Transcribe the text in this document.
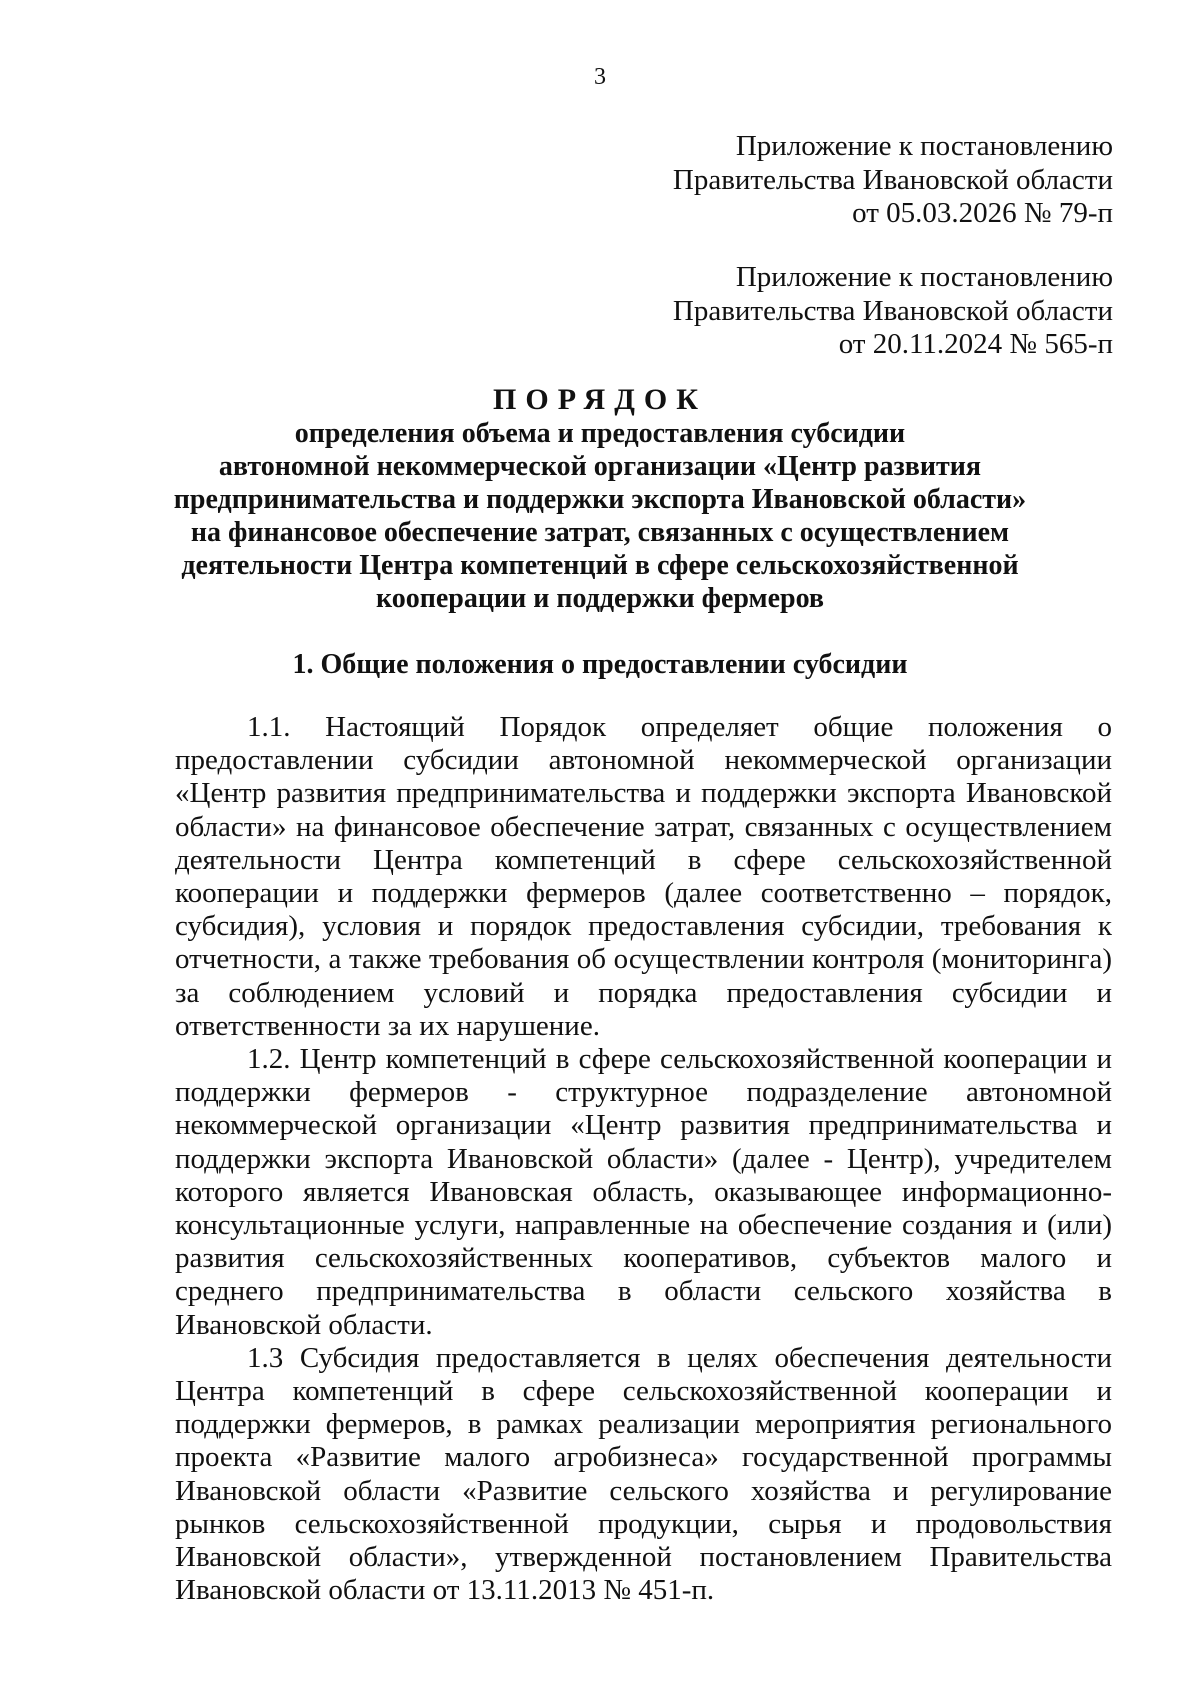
3
Приложение к постановлению
Правительства Ивановской области
от 05.03.2026 № 79-п
Приложение к постановлению
Правительства Ивановской области
от 20.11.2024 № 565-п
ПОРЯДОК
определения объема и предоставления субсидии
автономной некоммерческой организации «Центр развития
предпринимательства и поддержки экспорта Ивановской области»
на финансовое обеспечение затрат, связанных с осуществлением
деятельности Центра компетенций в сфере сельскохозяйственной
кооперации и поддержки фермеров
1. Общие положения о предоставлении субсидии

1.1. Настоящий Порядок определяет общие положения о предоставлении субсидии автономной некоммерческой организации «Центр развития предпринимательства и поддержки экспорта Ивановской области» на финансовое обеспечение затрат, связанных с осуществлением деятельности Центра компетенций в сфере сельскохозяйственной кооперации и поддержки фермеров (далее соответственно – порядок, субсидия), условия и порядок предоставления субсидии, требования к отчетности, а также требования об осуществлении контроля (мониторинга) за соблюдением условий и порядка предоставления субсидии и ответственности за их нарушение.

1.2. Центр компетенций в сфере сельскохозяйственной кооперации и поддержки фермеров - структурное подразделение автономной некоммерческой организации «Центр развития предпринимательства и поддержки экспорта Ивановской области» (далее - Центр), учредителем которого является Ивановская область, оказывающее информационно-консультационные услуги, направленные на обеспечение создания и (или) развития сельскохозяйственных кооперативов, субъектов малого и среднего предпринимательства в области сельского хозяйства в Ивановской области.

1.3 Субсидия предоставляется в целях обеспечения деятельности Центра компетенций в сфере сельскохозяйственной кооперации и поддержки фермеров, в рамках реализации мероприятия регионального проекта «Развитие малого агробизнеса» государственной программы Ивановской области «Развитие сельского хозяйства и регулирование рынков сельскохозяйственной продукции, сырья и продовольствия Ивановской области», утвержденной постановлением Правительства Ивановской области от 13.11.2013 № 451-п.
